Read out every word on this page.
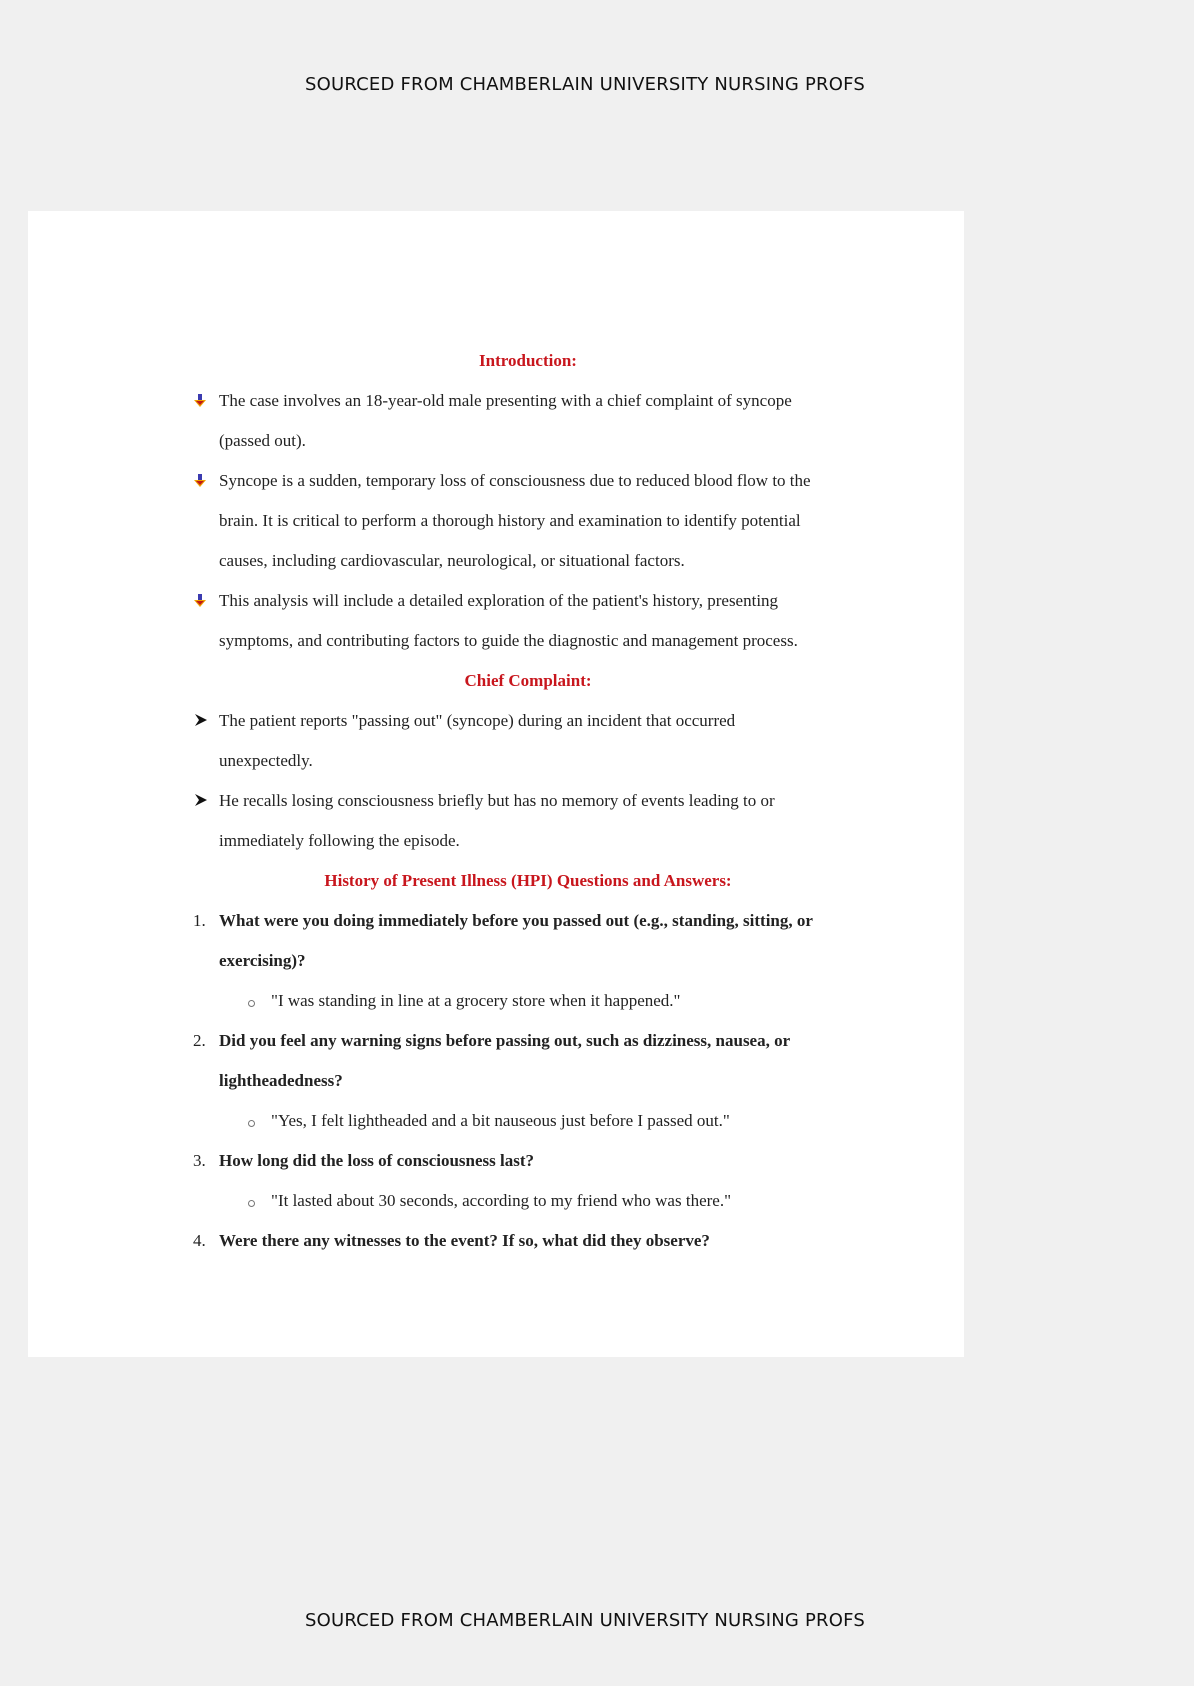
SOURCED FROM CHAMBERLAIN UNIVERSITY NURSING PROFS
Introduction:
The case involves an 18-year-old male presenting with a chief complaint of syncope
(passed out).
Syncope is a sudden, temporary loss of consciousness due to reduced blood flow to the
brain. It is critical to perform a thorough history and examination to identify potential
causes, including cardiovascular, neurological, or situational factors.
This analysis will include a detailed exploration of the patient's history, presenting
symptoms, and contributing factors to guide the diagnostic and management process.
Chief Complaint:
The patient reports "passing out" (syncope) during an incident that occurred
unexpectedly.
He recalls losing consciousness briefly but has no memory of events leading to or
immediately following the episode.
History of Present Illness (HPI) Questions and Answers:
1. What were you doing immediately before you passed out (e.g., standing, sitting, or
exercising)?
"I was standing in line at a grocery store when it happened."
2. Did you feel any warning signs before passing out, such as dizziness, nausea, or
lightheadedness?
"Yes, I felt lightheaded and a bit nauseous just before I passed out."
3. How long did the loss of consciousness last?
"It lasted about 30 seconds, according to my friend who was there."
4. Were there any witnesses to the event? If so, what did they observe?
SOURCED FROM CHAMBERLAIN UNIVERSITY NURSING PROFS
